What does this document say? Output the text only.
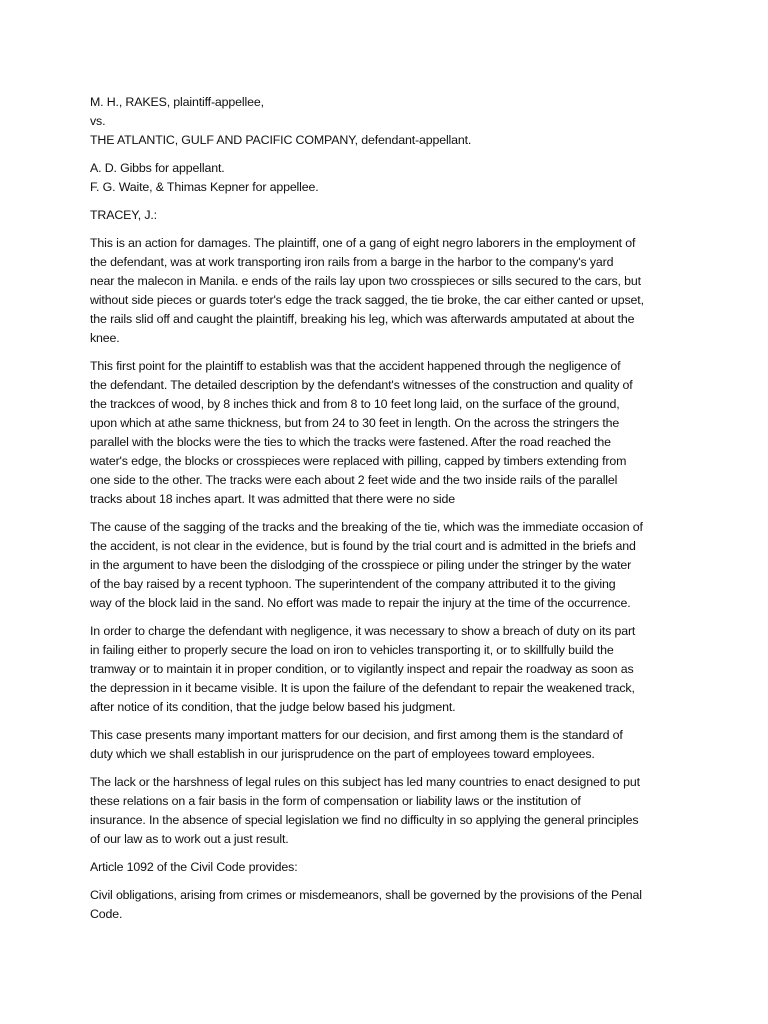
M. H., RAKES, plaintiff-appellee,
vs.
THE ATLANTIC, GULF AND PACIFIC COMPANY, defendant-appellant.
A. D. Gibbs for appellant.
F. G. Waite, & Thimas Kepner for appellee.
TRACEY, J.:
This is an action for damages. The plaintiff, one of a gang of eight negro laborers in the employment of
the defendant, was at work transporting iron rails from a barge in the harbor to the company's yard
near the malecon in Manila. e ends of the rails lay upon two crosspieces or sills secured to the cars, but
without side pieces or guards toter's edge the track sagged, the tie broke, the car either canted or upset,
the rails slid off and caught the plaintiff, breaking his leg, which was afterwards amputated at about the
knee.
This first point for the plaintiff to establish was that the accident happened through the negligence of
the defendant. The detailed description by the defendant's witnesses of the construction and quality of
the trackces of wood, by 8 inches thick and from 8 to 10 feet long laid, on the surface of the ground,
upon which at athe same thickness, but from 24 to 30 feet in length. On the across the stringers the
parallel with the blocks were the ties to which the tracks were fastened. After the road reached the
water's edge, the blocks or crosspieces were replaced with pilling, capped by timbers extending from
one side to the other. The tracks were each about 2 feet wide and the two inside rails of the parallel
tracks about 18 inches apart. It was admitted that there were no side
The cause of the sagging of the tracks and the breaking of the tie, which was the immediate occasion of
the accident, is not clear in the evidence, but is found by the trial court and is admitted in the briefs and
in the argument to have been the dislodging of the crosspiece or piling under the stringer by the water
of the bay raised by a recent typhoon. The superintendent of the company attributed it to the giving
way of the block laid in the sand. No effort was made to repair the injury at the time of the occurrence.
In order to charge the defendant with negligence, it was necessary to show a breach of duty on its part
in failing either to properly secure the load on iron to vehicles transporting it, or to skillfully build the
tramway or to maintain it in proper condition, or to vigilantly inspect and repair the roadway as soon as
the depression in it became visible. It is upon the failure of the defendant to repair the weakened track,
after notice of its condition, that the judge below based his judgment.
This case presents many important matters for our decision, and first among them is the standard of
duty which we shall establish in our jurisprudence on the part of employees toward employees.
The lack or the harshness of legal rules on this subject has led many countries to enact designed to put
these relations on a fair basis in the form of compensation or liability laws or the institution of
insurance. In the absence of special legislation we find no difficulty in so applying the general principles
of our law as to work out a just result.
Article 1092 of the Civil Code provides:
Civil obligations, arising from crimes or misdemeanors, shall be governed by the provisions of the Penal
Code.
